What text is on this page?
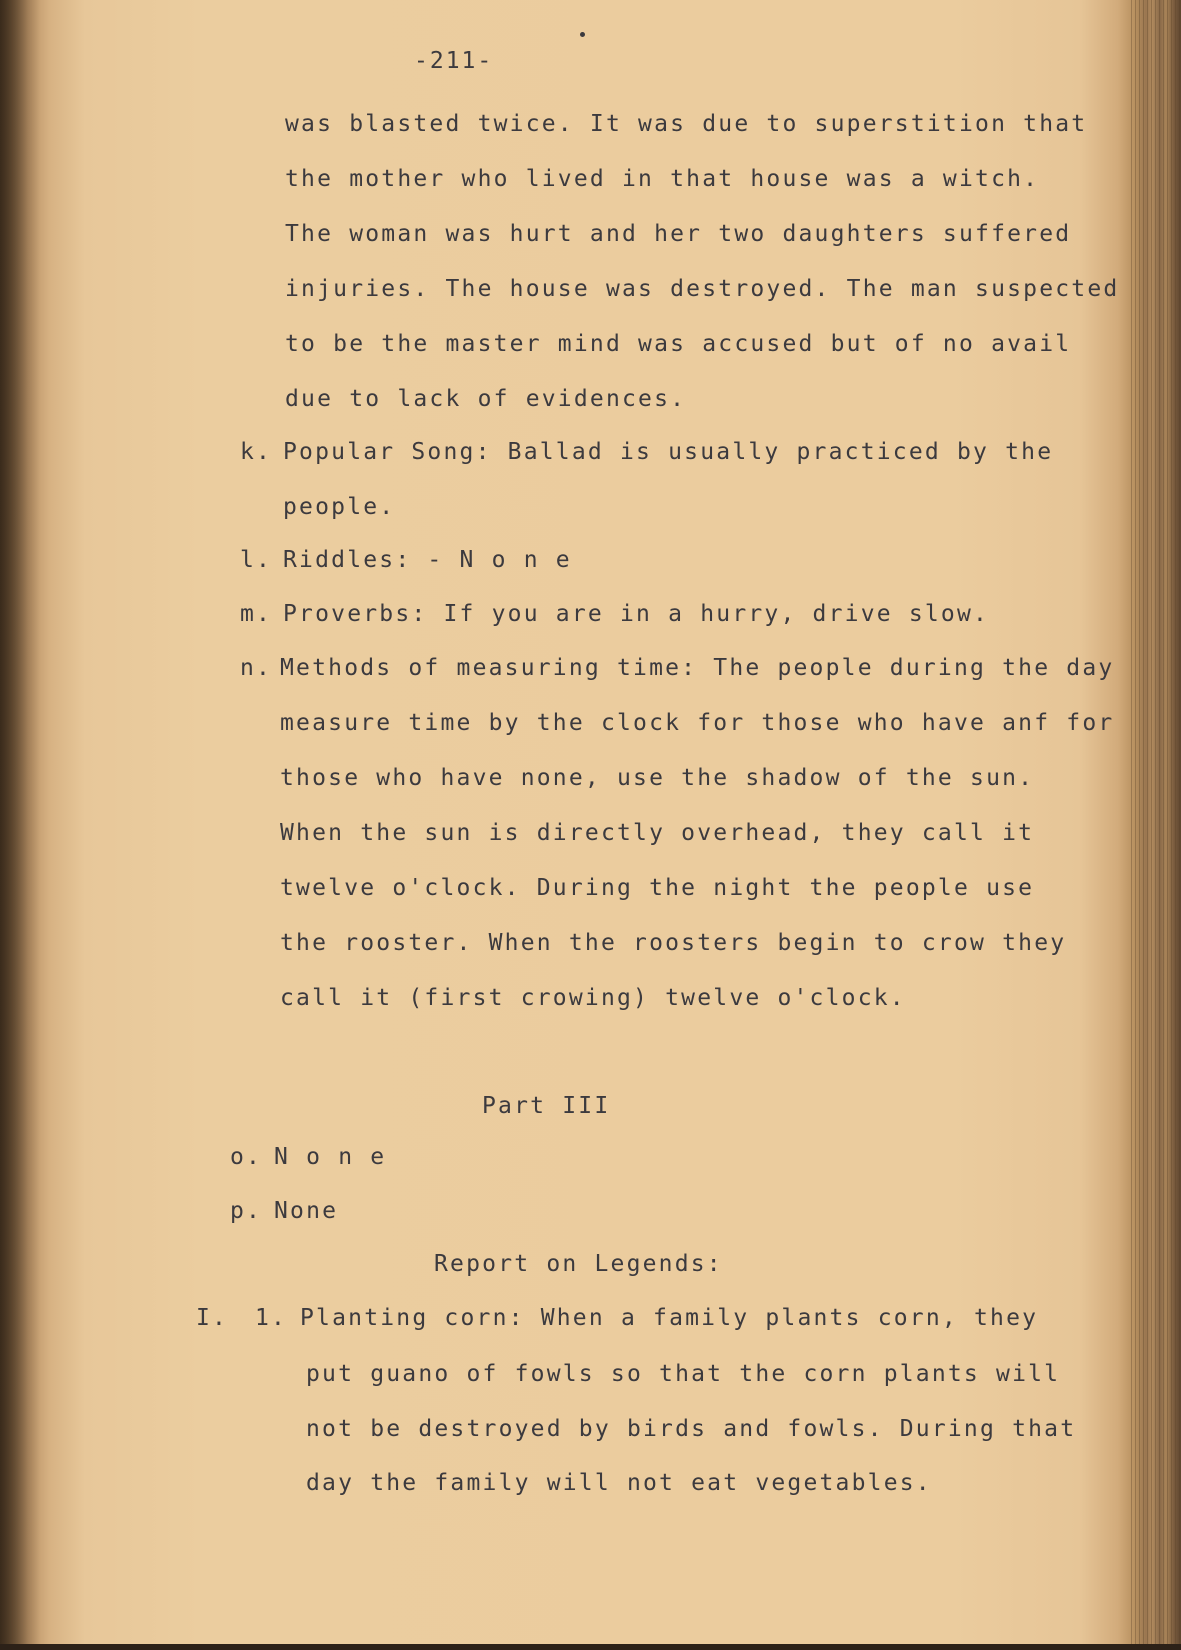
-211-
was blasted twice. It was due to superstition that
the mother who lived in that house was a witch.
The woman was hurt and her two daughters suffered
injuries. The house was destroyed. The man suspected
to be the master mind was accused but of no avail
due to lack of evidences.
k. Popular Song: Ballad is usually practiced by the
people.
l. Riddles: - N o n e
m. Proverbs: If you are in a hurry, drive slow.
n. Methods of measuring time: The people during the day
measure time by the clock for those who have anf for
those who have none, use the shadow of the sun.
When the sun is directly overhead, they call it
twelve o'clock. During the night the people use
the rooster. When the roosters begin to crow they
call it (first crowing) twelve o'clock.
Part III
o. N o n e
p. None
Report on Legends:
I. 1. Planting corn: When a family plants corn, they
put guano of fowls so that the corn plants will
not be destroyed by birds and fowls. During that
day the family will not eat vegetables.
